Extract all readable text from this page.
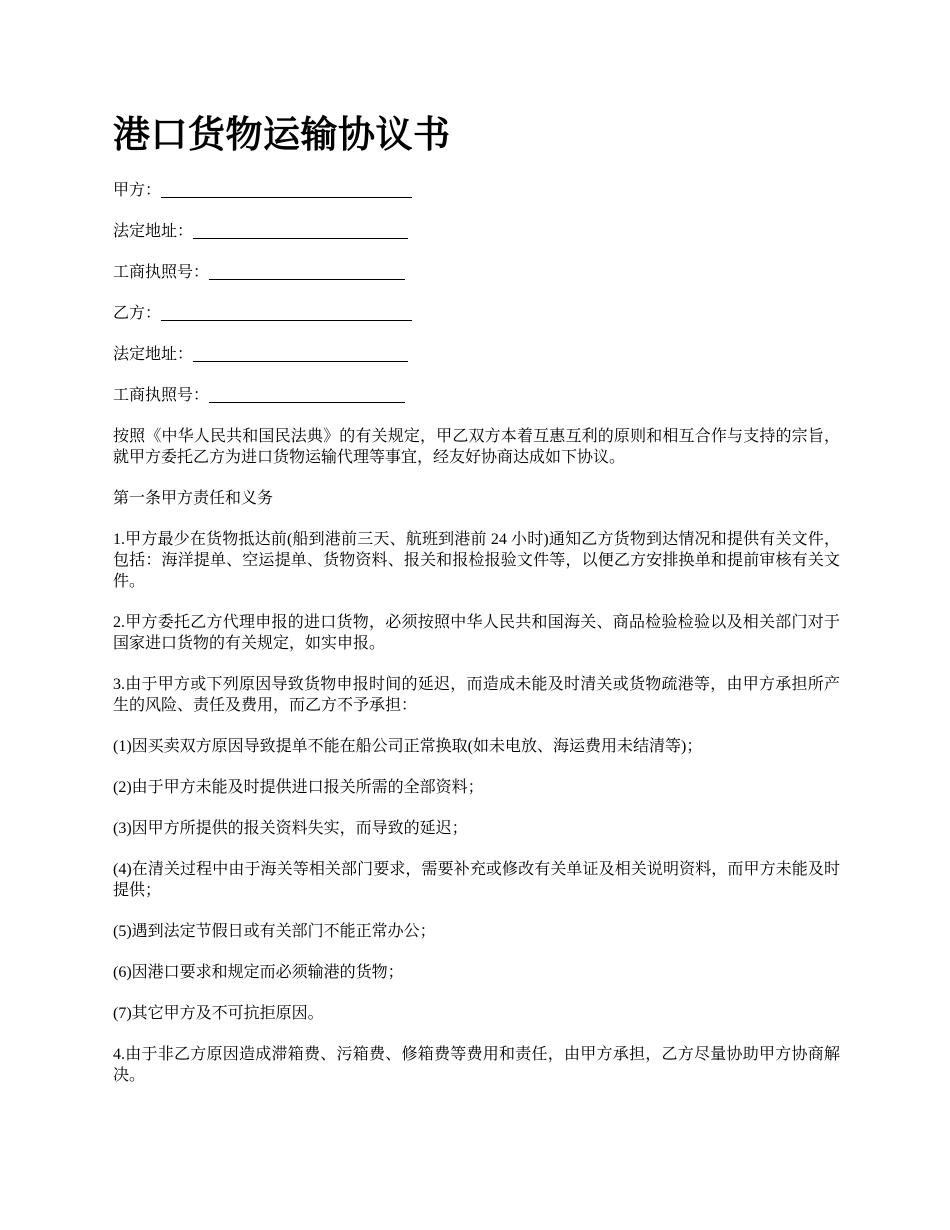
港口货物运输协议书
甲方：
法定地址：
工商执照号：
乙方：
法定地址：
工商执照号：

按照《中华人民共和国民法典》的有关规定，甲乙双方本着互惠互利的原则和相互合作与支持的宗旨，就甲方委托乙方为进口货物运输代理等事宜，经友好协商达成如下协议。

第一条甲方责任和义务

1.甲方最少在货物抵达前(船到港前三天、航班到港前 24 小时)通知乙方货物到达情况和提供有关文件，包括：海洋提单、空运提单、货物资料、报关和报检报验文件等，以便乙方安排换单和提前审核有关文件。

2.甲方委托乙方代理申报的进口货物，必须按照中华人民共和国海关、商品检验检验以及相关部门对于国家进口货物的有关规定，如实申报。

3.由于甲方或下列原因导致货物申报时间的延迟，而造成未能及时清关或货物疏港等，由甲方承担所产生的风险、责任及费用，而乙方不予承担：

(1)因买卖双方原因导致提单不能在船公司正常换取(如未电放、海运费用未结清等)；

(2)由于甲方未能及时提供进口报关所需的全部资料；

(3)因甲方所提供的报关资料失实，而导致的延迟；

(4)在清关过程中由于海关等相关部门要求，需要补充或修改有关单证及相关说明资料，而甲方未能及时提供；

(5)遇到法定节假日或有关部门不能正常办公；

(6)因港口要求和规定而必须输港的货物；

(7)其它甲方及不可抗拒原因。

4.由于非乙方原因造成滞箱费、污箱费、修箱费等费用和责任，由甲方承担，乙方尽量协助甲方协商解决。
